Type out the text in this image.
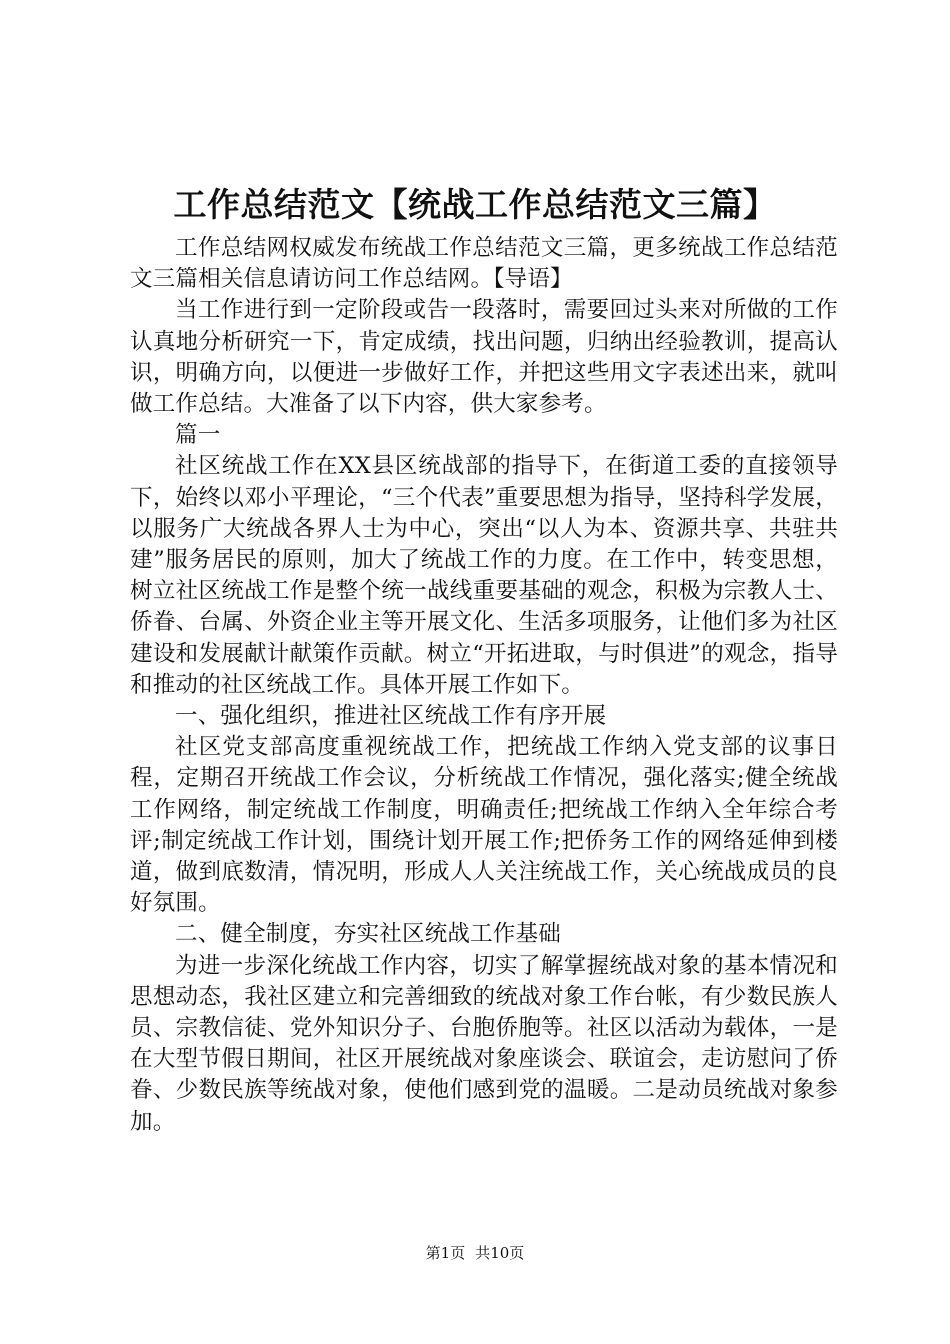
工作总结范文【统战工作总结范文三篇】

工作总结网权威发布统战工作总结范文三篇，更多统战工作总结范文三篇相关信息请访问工作总结网。【导语】

当工作进行到一定阶段或告一段落时，需要回过头来对所做的工作认真地分析研究一下，肯定成绩，找出问题，归纳出经验教训，提高认识，明确方向，以便进一步做好工作，并把这些用文字表述出来，就叫做工作总结。大准备了以下内容，供大家参考。

篇一

社区统战工作在XX县区统战部的指导下，在街道工委的直接领导下，始终以邓小平理论，“三个代表”重要思想为指导，坚持科学发展，以服务广大统战各界人士为中心，突出“以人为本、资源共享、共驻共建”服务居民的原则，加大了统战工作的力度。在工作中，转变思想，树立社区统战工作是整个统一战线重要基础的观念，积极为宗教人士、侨眷、台属、外资企业主等开展文化、生活多项服务，让他们多为社区建设和发展献计献策作贡献。树立“开拓进取，与时俱进”的观念，指导和推动的社区统战工作。具体开展工作如下。

一、强化组织，推进社区统战工作有序开展

社区党支部高度重视统战工作，把统战工作纳入党支部的议事日程，定期召开统战工作会议，分析统战工作情况，强化落实;健全统战工作网络，制定统战工作制度，明确责任;把统战工作纳入全年综合考评;制定统战工作计划，围绕计划开展工作;把侨务工作的网络延伸到楼道，做到底数清，情况明，形成人人关注统战工作，关心统战成员的良好氛围。

二、健全制度，夯实社区统战工作基础

为进一步深化统战工作内容，切实了解掌握统战对象的基本情况和思想动态，我社区建立和完善细致的统战对象工作台帐，有少数民族人员、宗教信徒、党外知识分子、台胞侨胞等。社区以活动为载体，一是在大型节假日期间，社区开展统战对象座谈会、联谊会，走访慰问了侨眷、少数民族等统战对象，使他们感到党的温暖。二是动员统战对象参加。

第1页 共10页
